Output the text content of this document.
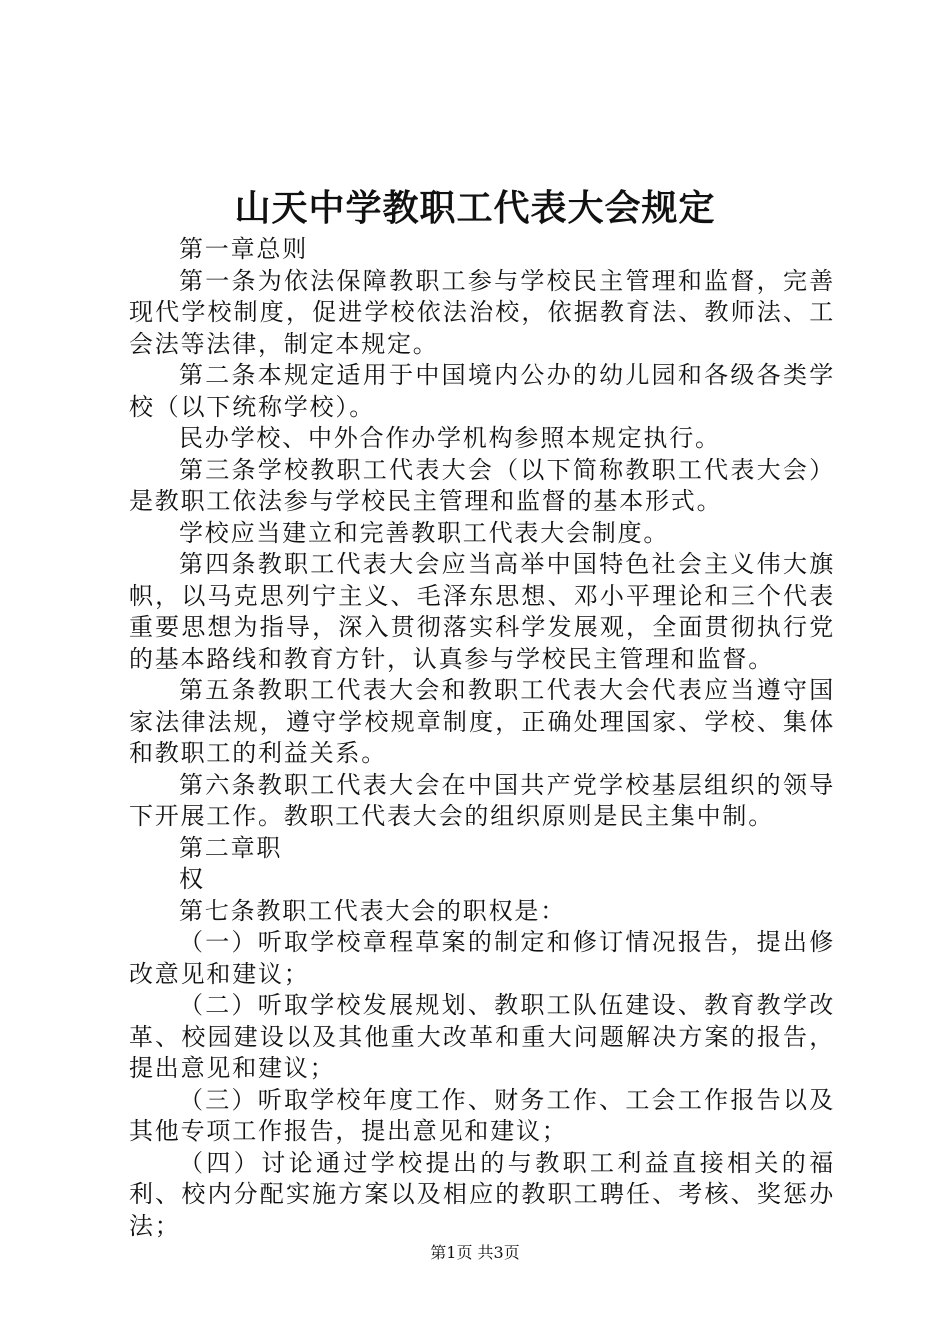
山天中学教职工代表大会规定

第一章总则

第一条为依法保障教职工参与学校民主管理和监督，完善现代学校制度，促进学校依法治校，依据教育法、教师法、工会法等法律，制定本规定。

第二条本规定适用于中国境内公办的幼儿园和各级各类学校（以下统称学校）。

民办学校、中外合作办学机构参照本规定执行。

第三条学校教职工代表大会（以下简称教职工代表大会）是教职工依法参与学校民主管理和监督的基本形式。

学校应当建立和完善教职工代表大会制度。

第四条教职工代表大会应当高举中国特色社会主义伟大旗帜，以马克思列宁主义、毛泽东思想、邓小平理论和三个代表重要思想为指导，深入贯彻落实科学发展观，全面贯彻执行党的基本路线和教育方针，认真参与学校民主管理和监督。

第五条教职工代表大会和教职工代表大会代表应当遵守国家法律法规，遵守学校规章制度，正确处理国家、学校、集体和教职工的利益关系。

第六条教职工代表大会在中国共产党学校基层组织的领导下开展工作。教职工代表大会的组织原则是民主集中制。

第二章职

权

第七条教职工代表大会的职权是：

（一）听取学校章程草案的制定和修订情况报告，提出修改意见和建议；

（二）听取学校发展规划、教职工队伍建设、教育教学改革、校园建设以及其他重大改革和重大问题解决方案的报告，提出意见和建议；

（三）听取学校年度工作、财务工作、工会工作报告以及其他专项工作报告，提出意见和建议；

（四）讨论通过学校提出的与教职工利益直接相关的福利、校内分配实施方案以及相应的教职工聘任、考核、奖惩办法；

第1页 共3页
